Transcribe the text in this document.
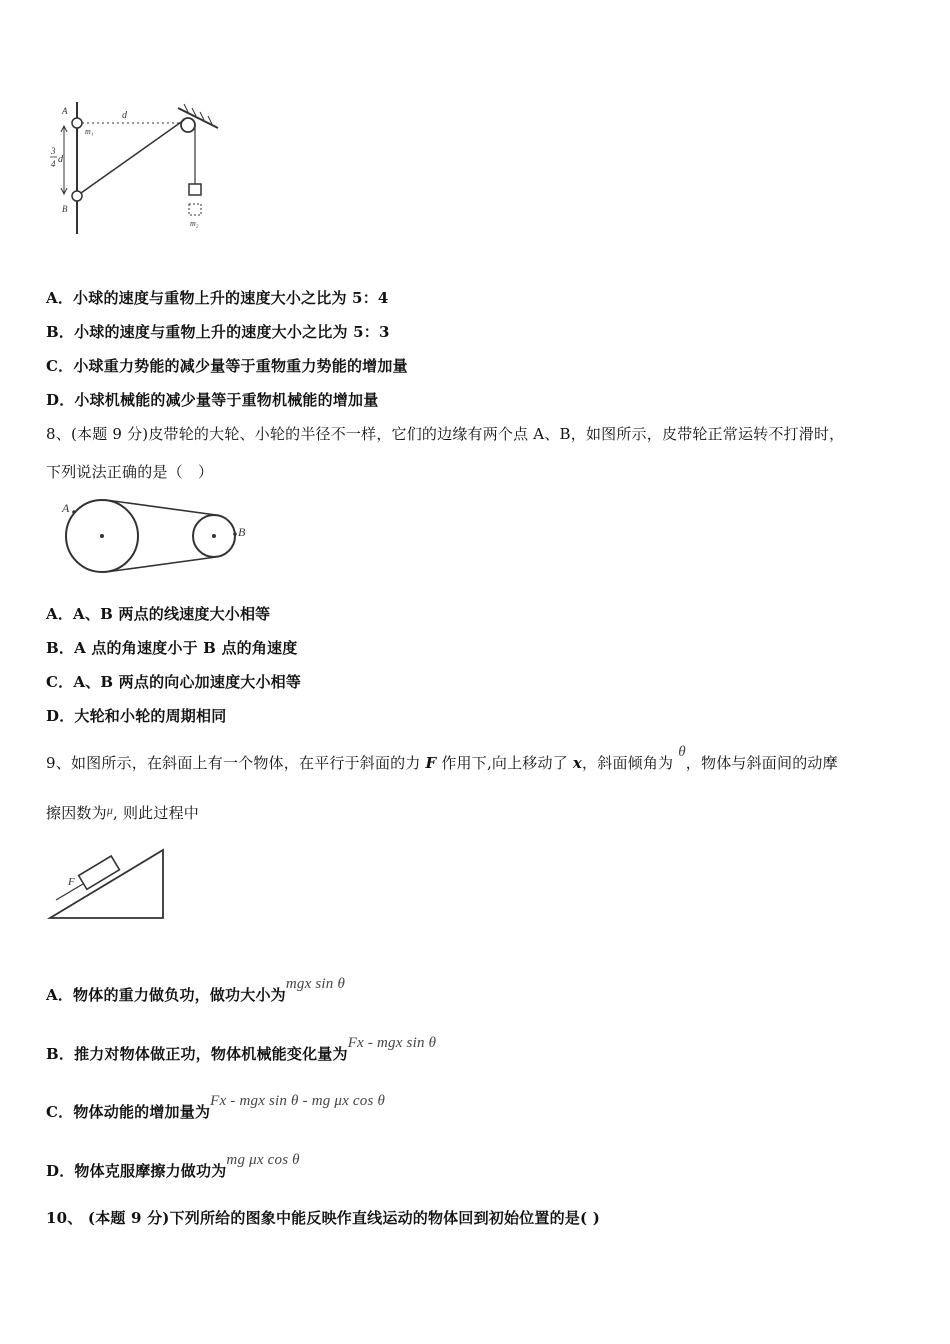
A
B
d
m₁
m₂
3
4 d
A．小球的速度与重物上升的速度大小之比为 5：4
B．小球的速度与重物上升的速度大小之比为 5：3
C．小球重力势能的减少量等于重物重力势能的增加量
D．小球机械能的减少量等于重物机械能的增加量
8、(本题 9 分)皮带轮的大轮、小轮的半径不一样，它们的边缘有两个点 A、B，如图所示，皮带轮正常运转不打滑时，
下列说法正确的是（　）
A
B
A．A、B 两点的线速度大小相等
B．A 点的角速度小于 B 点的角速度
C．A、B 两点的向心加速度大小相等
D．大轮和小轮的周期相同
9、如图所示，在斜面上有一个物体，在平行于斜面的力 F 作用下,向上移动了 x，斜面倾角为 θ，物体与斜面间的动摩
擦因数为$^\mu$, 则此过程中
F
A．物体的重力做负功，做功大小为mgx sin θ
B．推力对物体做正功，物体机械能变化量为Fx - mgx sin θ
C．物体动能的增加量为Fx - mgx sin θ - mg μx cos θ
D．物体克服摩擦力做功为mg μx cos θ
10、 (本题 9 分)下列所给的图象中能反映作直线运动的物体回到初始位置的是( )
